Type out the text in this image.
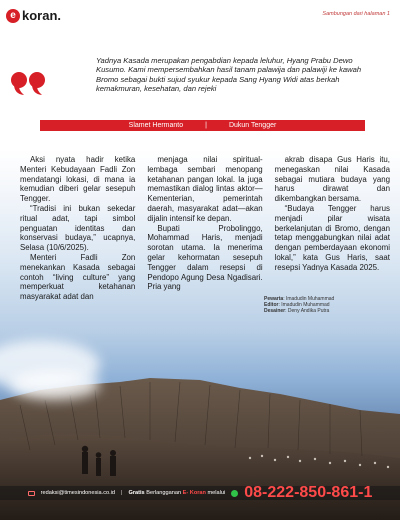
e koran.	Sambungan dari halaman 1
Yadnya Kasada merupakan pengabdian kepada leluhur, Hyang Prabu Dewo Kusumo. Kami mempersembahkan hasil tanam palawija dan palawiji ke kawah Bromo sebagai bukti sujud syukur kepada Sang Hyang Widi atas berkah kemakmuran, kesehatan, dan rejeki
Slamet Hermanto	|	Dukun Tengger

Aksi nyata hadir ketika Menteri Kebudayaan Fadli Zon mendatangi lokasi, di mana ia kemudian diberi gelar sesepuh Tengger.

“Tradisi ini bukan sekedar ritual adat, tapi simbol penguatan identitas dan konservasi budaya,” ucapnya, Selasa (10/6/2025).

Menteri Fadli Zon menekankan Kasada sebagai contoh “living culture” yang memperkuat ketahanan masyarakat adat dan

menjaga nilai spiritual-lembaga sembari menopang ketahanan pangan lokal. Ia juga memastikan dialog lintas aktor—Kementerian, pemerintah daerah, masyarakat adat—akan dijalin intensif ke depan.

Bupati Probolinggo, Mohammad Haris, menjadi sorotan utama. Ia menerima gelar kehormatan sesepuh Tengger dalam resepsi di Pendopo Agung Desa Ngadisari. Pria yang

akrab disapa Gus Haris itu, menegaskan nilai Kasada sebagai mutiara budaya yang harus dirawat dan dikembangkan bersama.

“Budaya Tengger harus menjadi pilar wisata berkelanjutan di Bromo, dengan tetap menggabungkan nilai adat dengan pemberdayaan ekonomi lokal,” kata Gus Haris, saat resepsi Yadnya Kasada 2025.

Pewarta: Imadudin Muhammad
Editor: Imadudin Muhammad
Desainer: Deny Andika Putra
redaksi@timesindonesia.co.id | Gratis Berlangganan E- Koran melalui 08-222-850-861-1
